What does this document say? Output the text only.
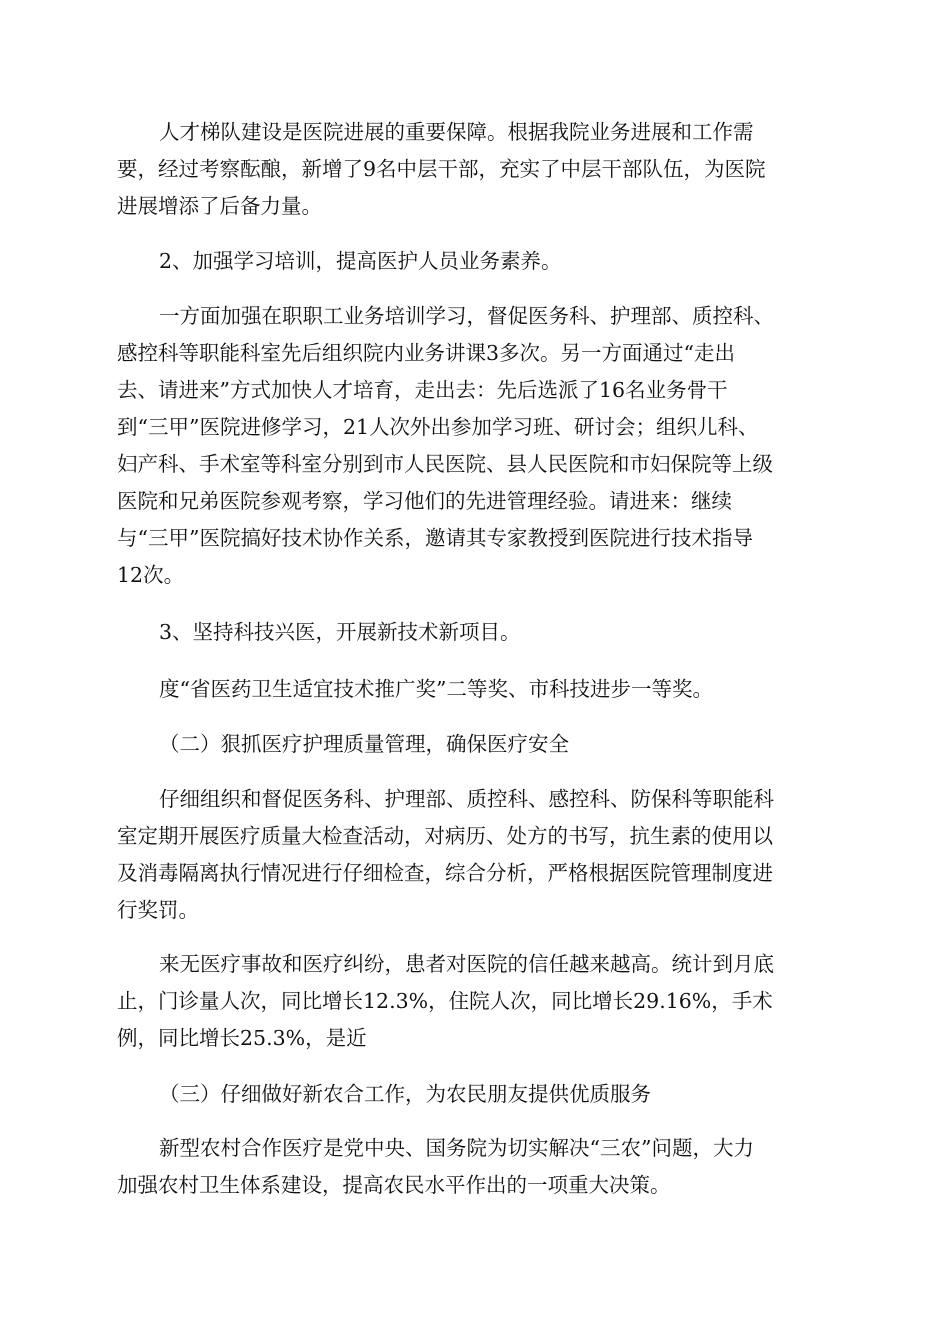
人才梯队建设是医院进展的重要保障。根据我院业务进展和工作需
要，经过考察酝酿，新增了9名中层干部，充实了中层干部队伍，为医院
进展增添了后备力量。
2、加强学习培训，提高医护人员业务素养。
一方面加强在职职工业务培训学习，督促医务科、护理部、质控科、
感控科等职能科室先后组织院内业务讲课3多次。另一方面通过“走出
去、请进来”方式加快人才培育，走出去：先后选派了16名业务骨干
到“三甲”医院进修学习，21人次外出参加学习班、研讨会；组织儿科、
妇产科、手术室等科室分别到市人民医院、县人民医院和市妇保院等上级
医院和兄弟医院参观考察，学习他们的先进管理经验。请进来：继续
与“三甲”医院搞好技术协作关系，邀请其专家教授到医院进行技术指导
12次。
3、坚持科技兴医，开展新技术新项目。
度“省医药卫生适宜技术推广奖”二等奖、市科技进步一等奖。
（二）狠抓医疗护理质量管理，确保医疗安全
仔细组织和督促医务科、护理部、质控科、感控科、防保科等职能科
室定期开展医疗质量大检查活动，对病历、处方的书写，抗生素的使用以
及消毒隔离执行情况进行仔细检查，综合分析，严格根据医院管理制度进
行奖罚。
来无医疗事故和医疗纠纷，患者对医院的信任越来越高。统计到月底
止，门诊量人次，同比增长12.3%，住院人次，同比增长29.16%，手术
例，同比增长25.3%，是近
（三）仔细做好新农合工作，为农民朋友提供优质服务
新型农村合作医疗是党中央、国务院为切实解决“三农”问题，大力
加强农村卫生体系建设，提高农民水平作出的一项重大决策。
